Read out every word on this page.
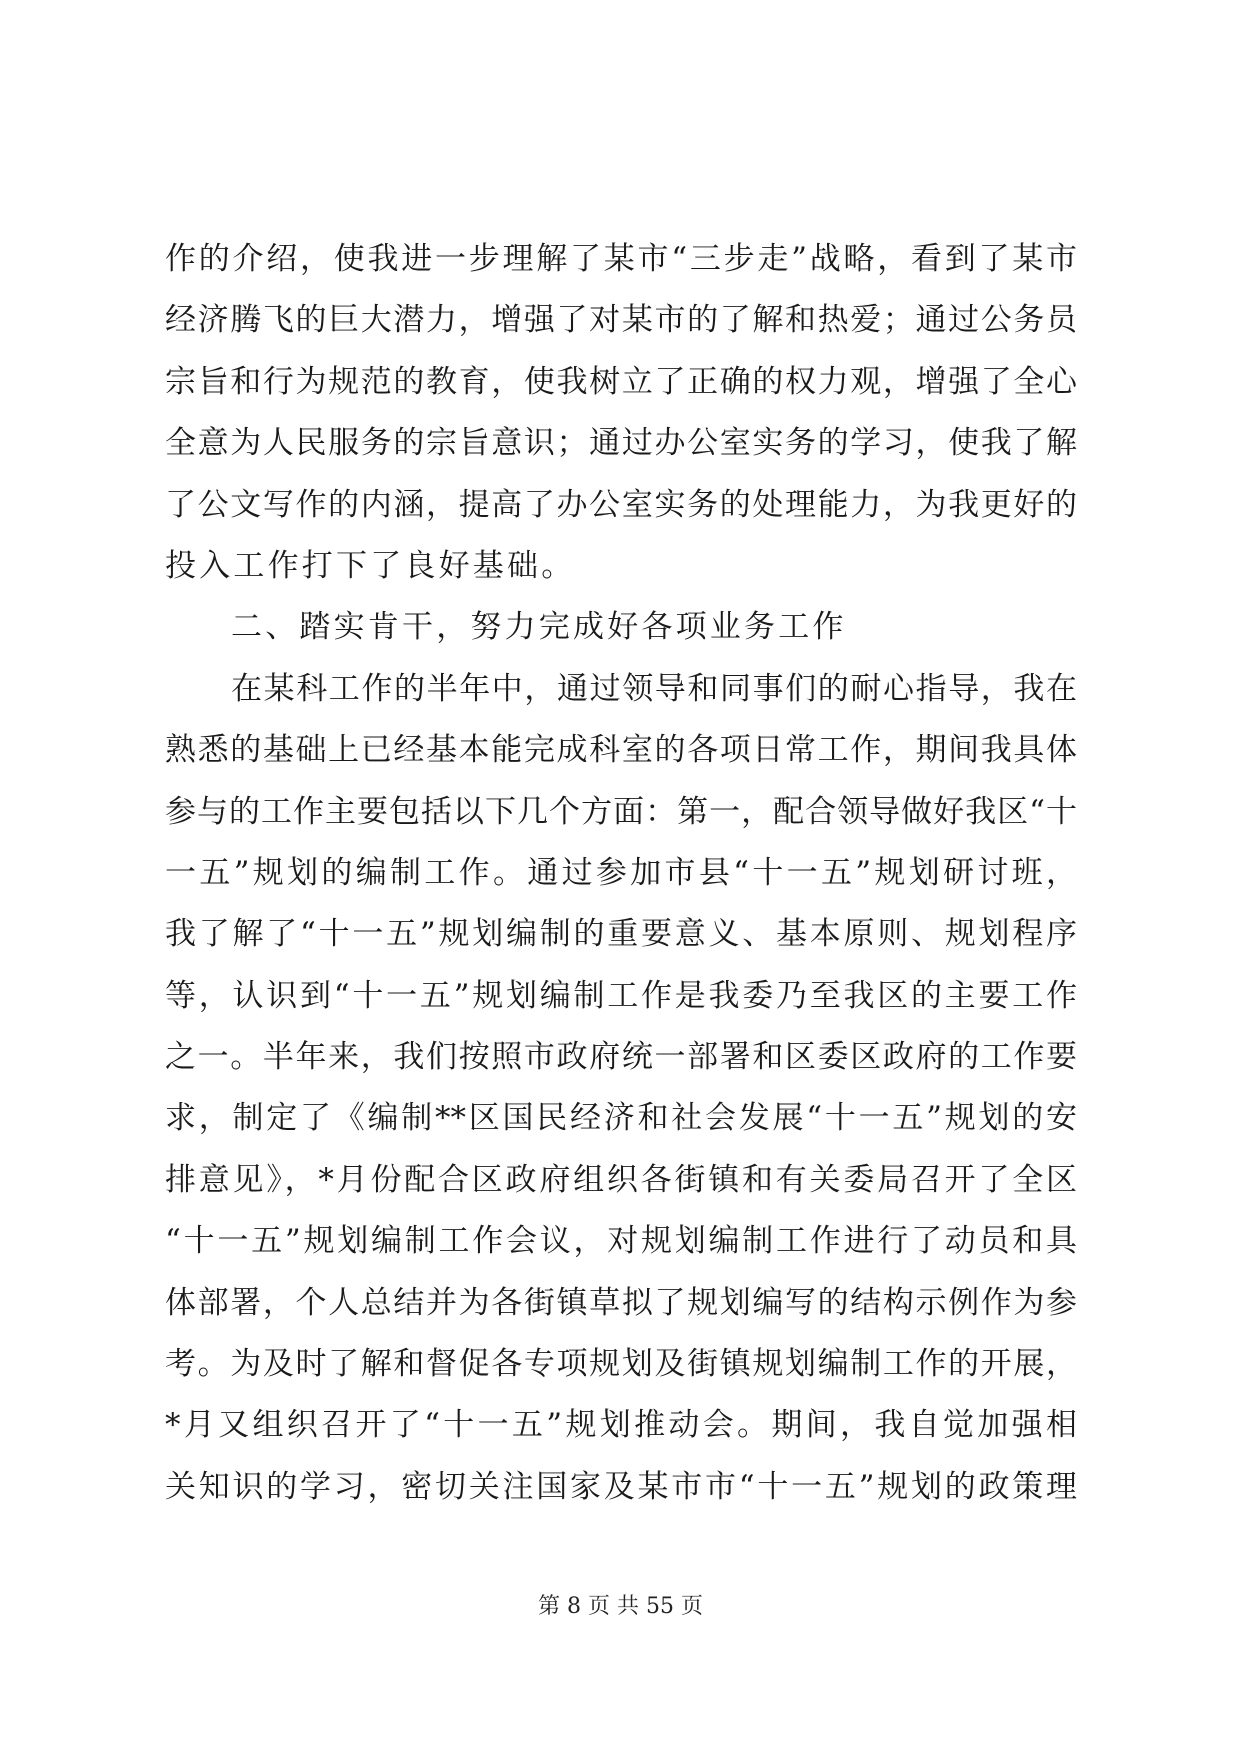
作的介绍，使我进一步理解了某市“三步走”战略，看到了某市
经济腾飞的巨大潜力，增强了对某市的了解和热爱；通过公务员
宗旨和行为规范的教育，使我树立了正确的权力观，增强了全心
全意为人民服务的宗旨意识；通过办公室实务的学习，使我了解
了公文写作的内涵，提高了办公室实务的处理能力，为我更好的
投入工作打下了良好基础。
二、踏实肯干，努力完成好各项业务工作
在某科工作的半年中，通过领导和同事们的耐心指导，我在
熟悉的基础上已经基本能完成科室的各项日常工作，期间我具体
参与的工作主要包括以下几个方面：第一，配合领导做好我区“十
一五”规划的编制工作。通过参加市县“十一五”规划研讨班，
我了解了“十一五”规划编制的重要意义、基本原则、规划程序
等，认识到“十一五”规划编制工作是我委乃至我区的主要工作
之一。半年来，我们按照市政府统一部署和区委区政府的工作要
求，制定了《编制**区国民经济和社会发展“十一五”规划的安
排意见》，*月份配合区政府组织各街镇和有关委局召开了全区
“十一五”规划编制工作会议，对规划编制工作进行了动员和具
体部署，个人总结并为各街镇草拟了规划编写的结构示例作为参
考。为及时了解和督促各专项规划及街镇规划编制工作的开展，
*月又组织召开了“十一五”规划推动会。期间，我自觉加强相
关知识的学习，密切关注国家及某市市“十一五”规划的政策理
第 8 页 共 55 页
